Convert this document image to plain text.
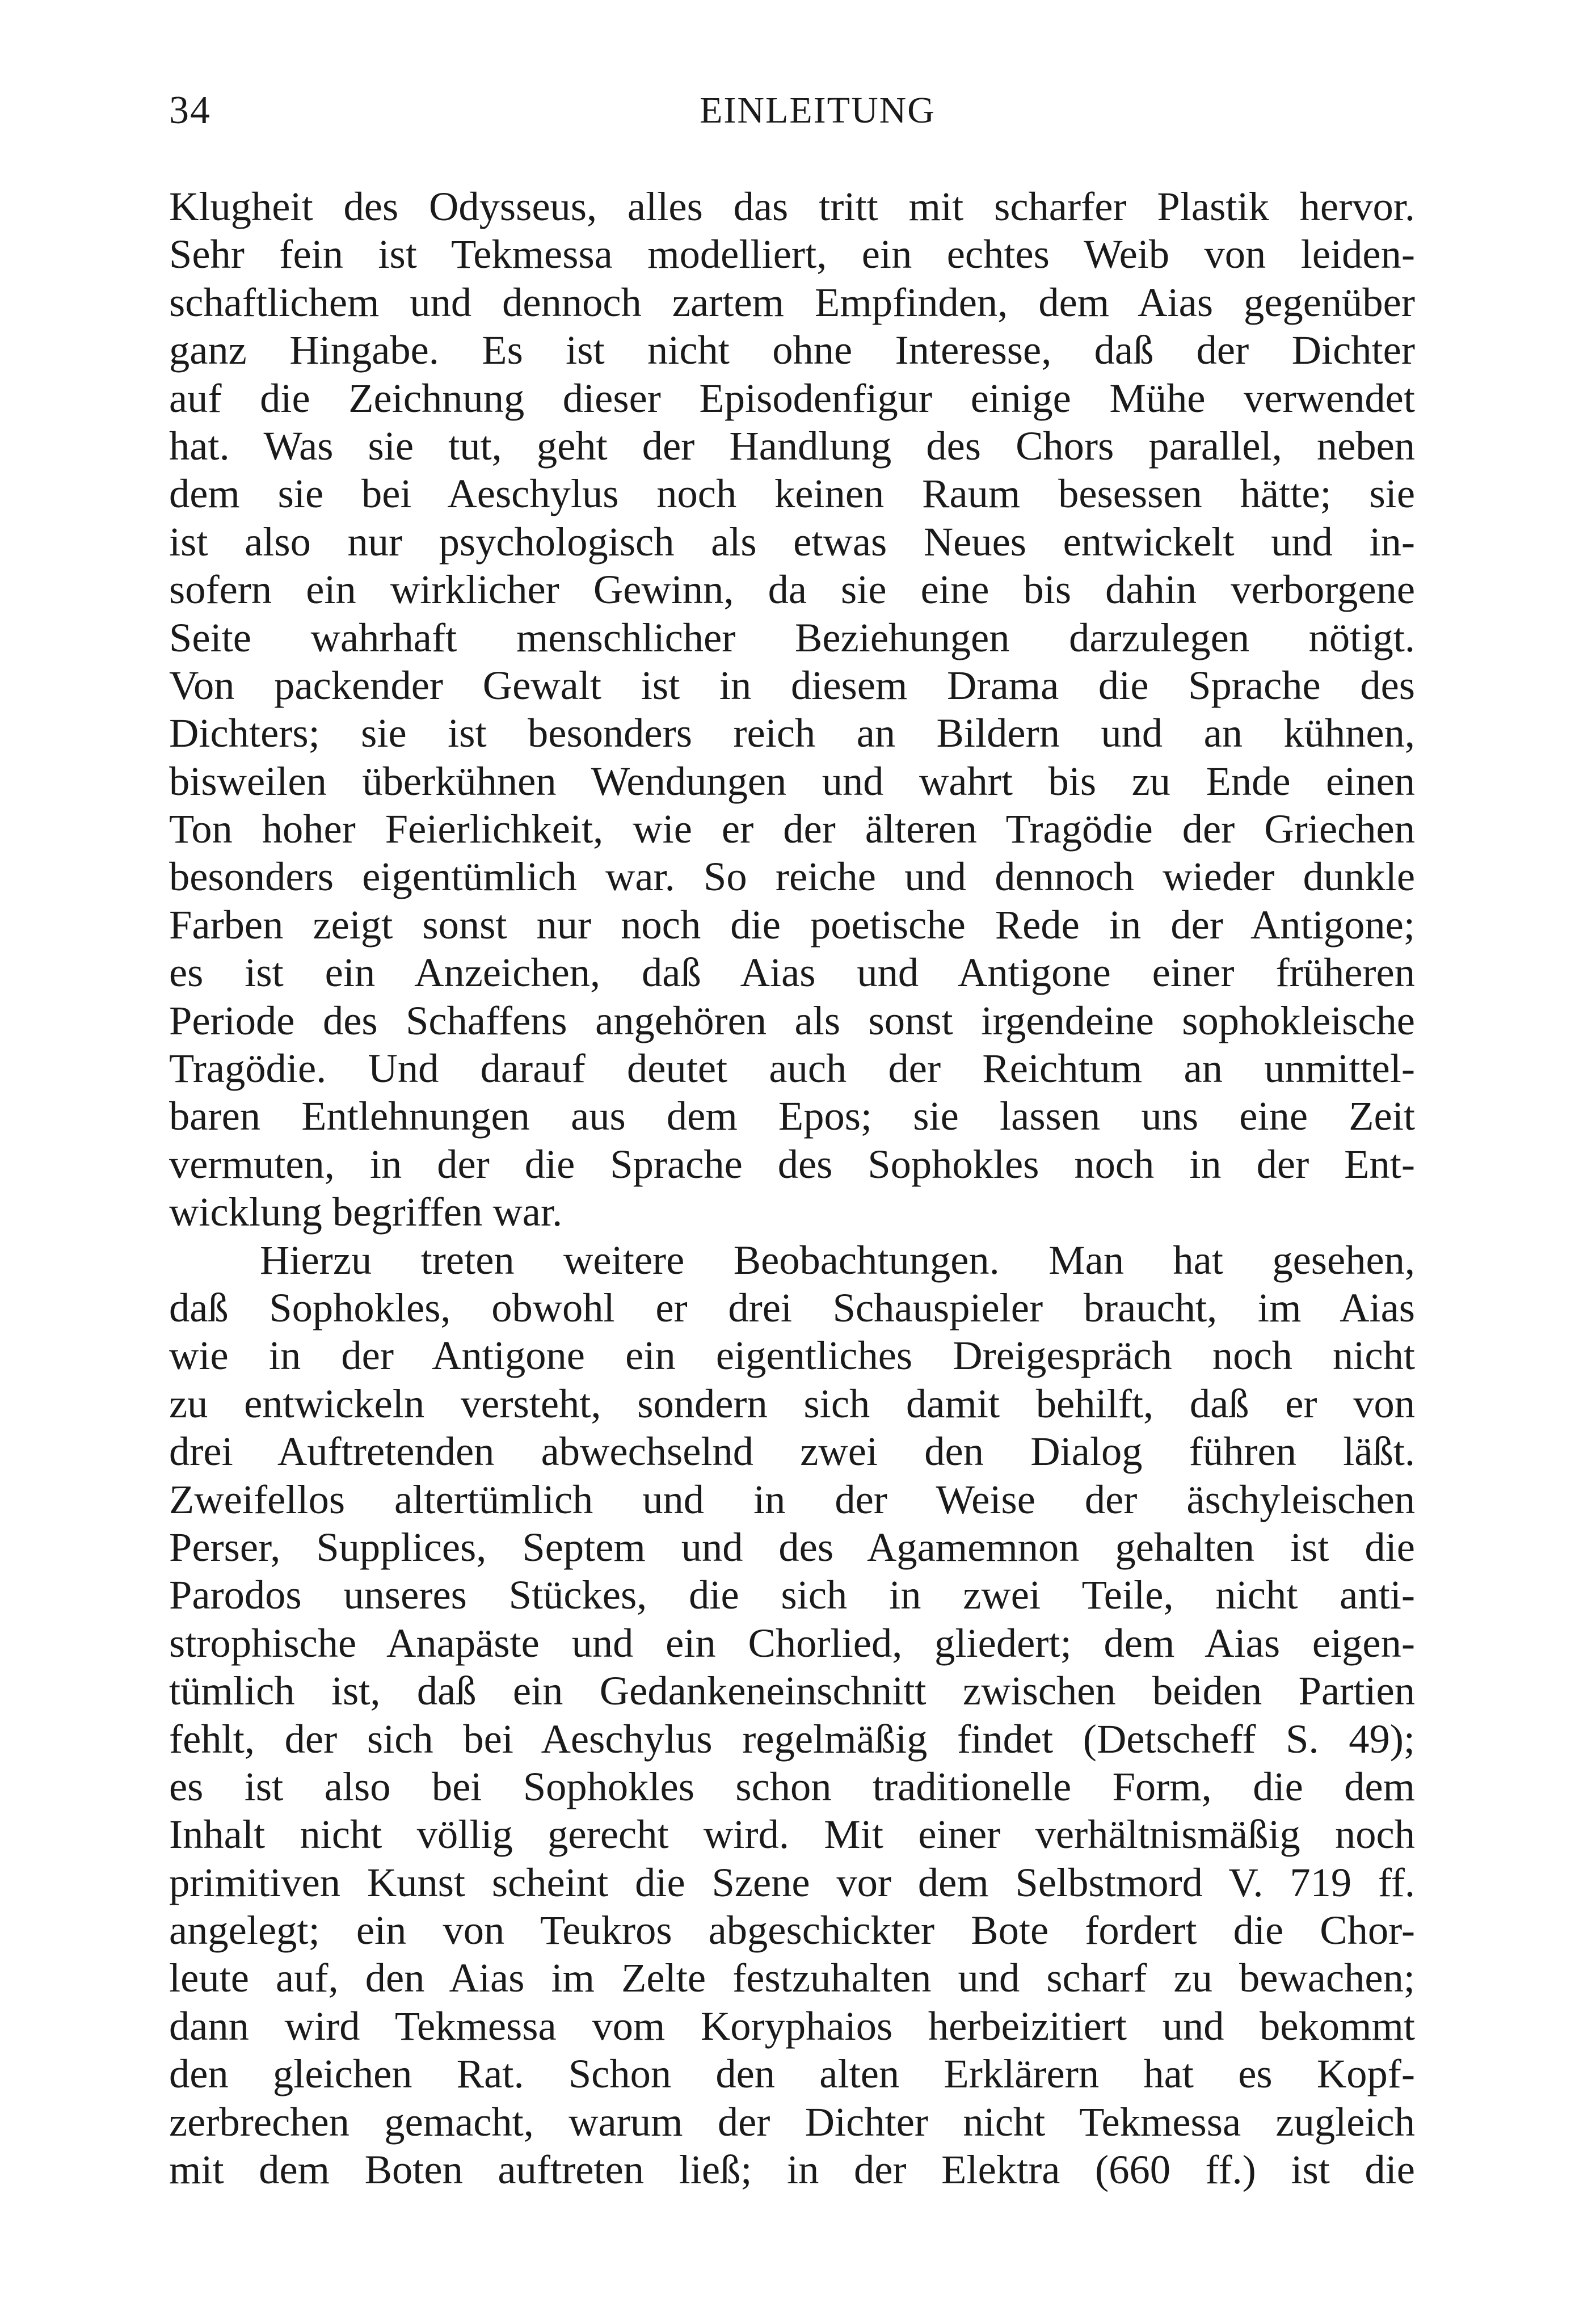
34	EINLEITUNG
Klugheit des Odysseus, alles das tritt mit scharfer Plastik hervor.
Sehr fein ist Tekmessa modelliert, ein echtes Weib von leiden-
schaftlichem und dennoch zartem Empfinden, dem Aias gegenüber
ganz Hingabe. Es ist nicht ohne Interesse, daß der Dichter
auf die Zeichnung dieser Episodenfigur einige Mühe verwendet
hat. Was sie tut, geht der Handlung des Chors parallel, neben
dem sie bei Aeschylus noch keinen Raum besessen hätte; sie
ist also nur psychologisch als etwas Neues entwickelt und in-
sofern ein wirklicher Gewinn, da sie eine bis dahin verborgene
Seite wahrhaft menschlicher Beziehungen darzulegen nötigt.
Von packender Gewalt ist in diesem Drama die Sprache des
Dichters; sie ist besonders reich an Bildern und an kühnen,
bisweilen überkühnen Wendungen und wahrt bis zu Ende einen
Ton hoher Feierlichkeit, wie er der älteren Tragödie der Griechen
besonders eigentümlich war. So reiche und dennoch wieder dunkle
Farben zeigt sonst nur noch die poetische Rede in der Antigone;
es ist ein Anzeichen, daß Aias und Antigone einer früheren
Periode des Schaffens angehören als sonst irgendeine sophokleische
Tragödie. Und darauf deutet auch der Reichtum an unmittel-
baren Entlehnungen aus dem Epos; sie lassen uns eine Zeit
vermuten, in der die Sprache des Sophokles noch in der Ent-
wicklung begriffen war.
Hierzu treten weitere Beobachtungen. Man hat gesehen,
daß Sophokles, obwohl er drei Schauspieler braucht, im Aias
wie in der Antigone ein eigentliches Dreigespräch noch nicht
zu entwickeln versteht, sondern sich damit behilft, daß er von
drei Auftretenden abwechselnd zwei den Dialog führen läßt.
Zweifellos altertümlich und in der Weise der äschyleischen
Perser, Supplices, Septem und des Agamemnon gehalten ist die
Parodos unseres Stückes, die sich in zwei Teile, nicht anti-
strophische Anapäste und ein Chorlied, gliedert; dem Aias eigen-
tümlich ist, daß ein Gedankeneinschnitt zwischen beiden Partien
fehlt, der sich bei Aeschylus regelmäßig findet (Detscheff S. 49);
es ist also bei Sophokles schon traditionelle Form, die dem
Inhalt nicht völlig gerecht wird. Mit einer verhältnismäßig noch
primitiven Kunst scheint die Szene vor dem Selbstmord V. 719 ff.
angelegt; ein von Teukros abgeschickter Bote fordert die Chor-
leute auf, den Aias im Zelte festzuhalten und scharf zu bewachen;
dann wird Tekmessa vom Koryphaios herbeizitiert und bekommt
den gleichen Rat. Schon den alten Erklärern hat es Kopf-
zerbrechen gemacht, warum der Dichter nicht Tekmessa zugleich
mit dem Boten auftreten ließ; in der Elektra (660 ff.) ist die
